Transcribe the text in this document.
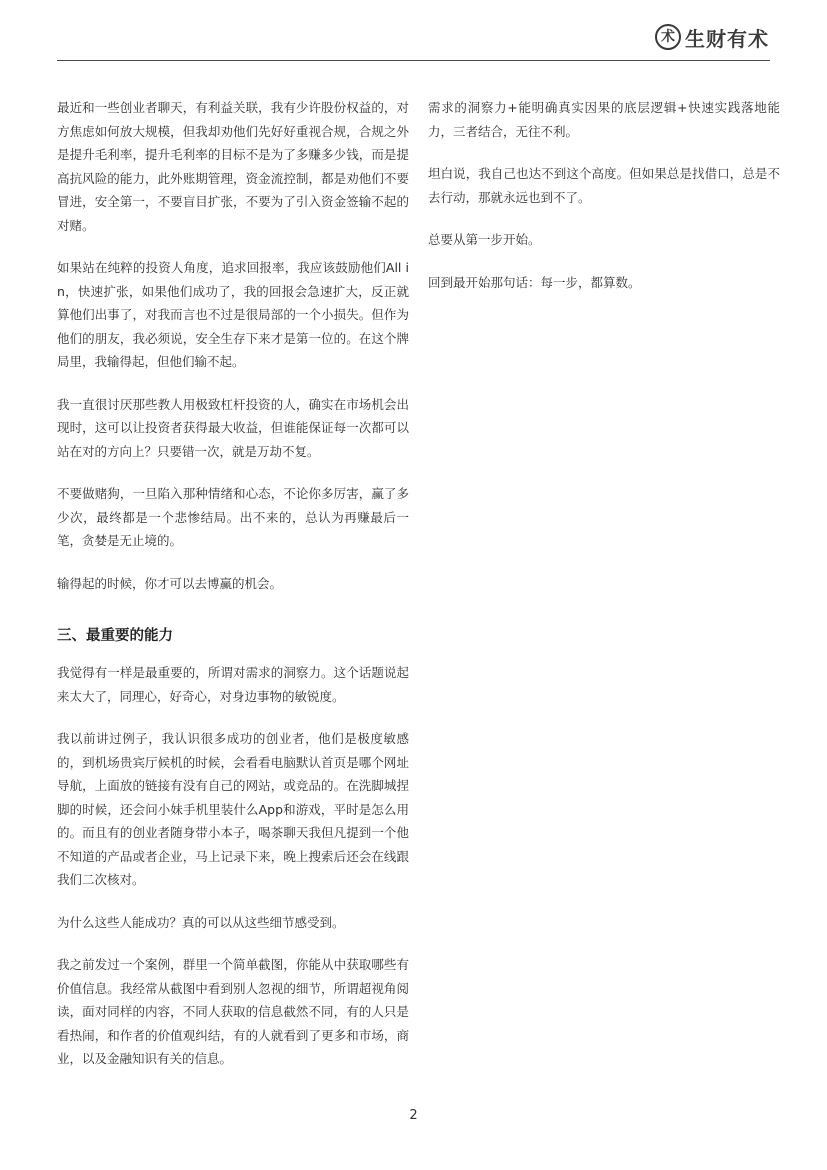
术 生财有术

最近和一些创业者聊天，有利益关联，我有少许股份权益的，对方焦虑如何放大规模，但我却劝他们先好好重视合规，合规之外是提升毛利率，提升毛利率的目标不是为了多赚多少钱，而是提高抗风险的能力，此外账期管理，资金流控制，都是劝他们不要冒进，安全第一，不要盲目扩张，不要为了引入资金签输不起的对赌。

如果站在纯粹的投资人角度，追求回报率，我应该鼓励他们All in，快速扩张，如果他们成功了，我的回报会急速扩大，反正就算他们出事了，对我而言也不过是很局部的一个小损失。但作为他们的朋友，我必须说，安全生存下来才是第一位的。在这个牌局里，我输得起，但他们输不起。

我一直很讨厌那些教人用极致杠杆投资的人，确实在市场机会出现时，这可以让投资者获得最大收益，但谁能保证每一次都可以站在对的方向上？只要错一次，就是万劫不复。

不要做赌狗，一旦陷入那种情绪和心态，不论你多厉害，赢了多少次，最终都是一个悲惨结局。出不来的，总认为再赚最后一笔，贪婪是无止境的。

输得起的时候，你才可以去博赢的机会。

三、最重要的能力

我觉得有一样是最重要的，所谓对需求的洞察力。这个话题说起来太大了，同理心，好奇心，对身边事物的敏锐度。

我以前讲过例子，我认识很多成功的创业者，他们是极度敏感的，到机场贵宾厅候机的时候，会看看电脑默认首页是哪个网址导航，上面放的链接有没有自己的网站，或竞品的。在洗脚城捏脚的时候，还会问小妹手机里装什么App和游戏，平时是怎么用的。而且有的创业者随身带小本子，喝茶聊天我但凡提到一个他不知道的产品或者企业，马上记录下来，晚上搜索后还会在线跟我们二次核对。

为什么这些人能成功？真的可以从这些细节感受到。

我之前发过一个案例，群里一个简单截图，你能从中获取哪些有价值信息。我经常从截图中看到别人忽视的细节，所谓超视角阅读，面对同样的内容，不同人获取的信息截然不同，有的人只是看热闹，和作者的价值观纠结，有的人就看到了更多和市场，商业，以及金融知识有关的信息。

需求的洞察力+能明确真实因果的底层逻辑+快速实践落地能力，三者结合，无往不利。

坦白说，我自己也达不到这个高度。但如果总是找借口，总是不去行动，那就永远也到不了。

总要从第一步开始。

回到最开始那句话：每一步，都算数。

2
